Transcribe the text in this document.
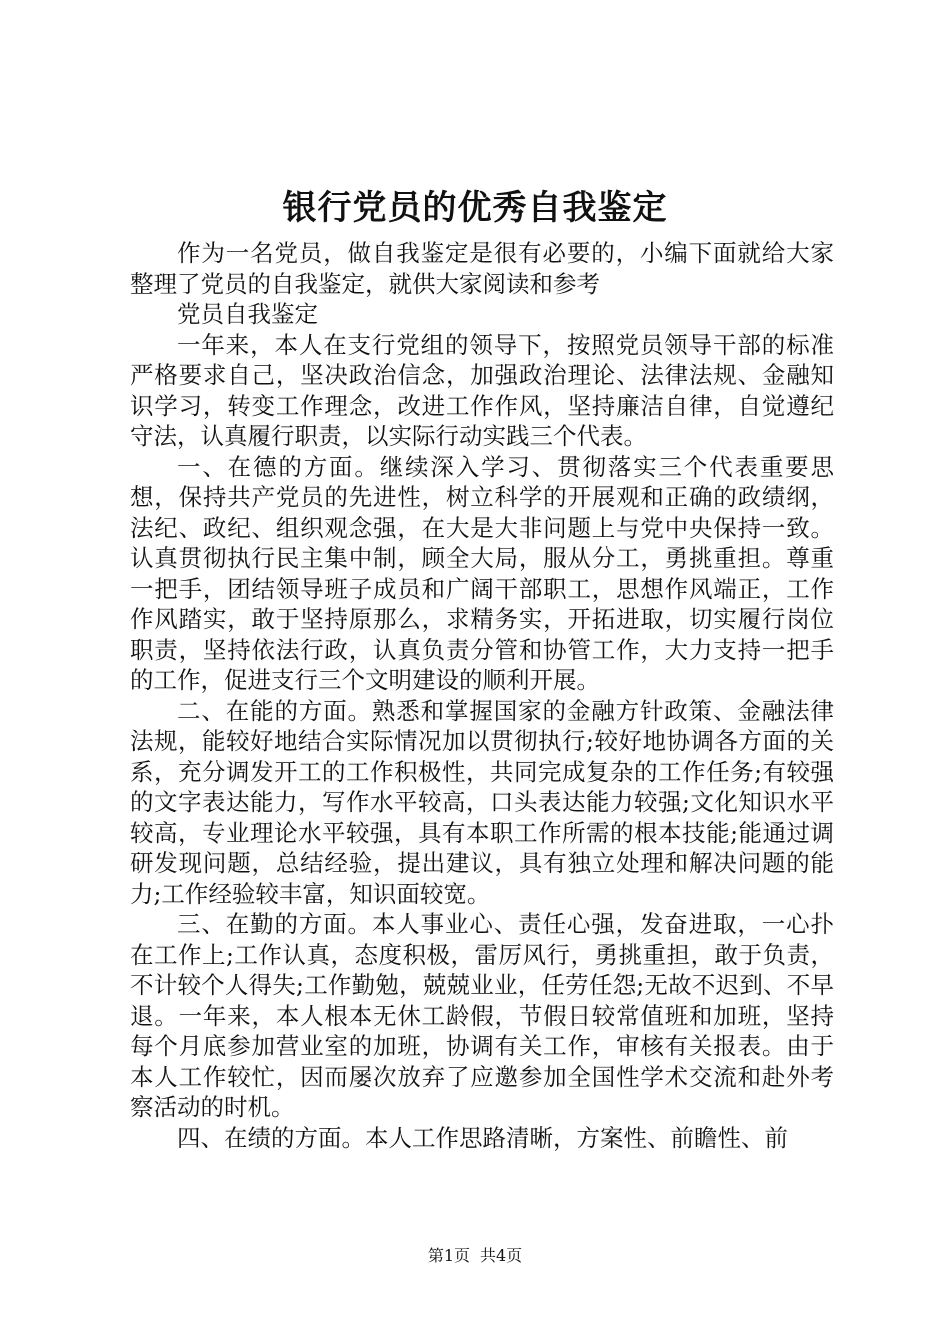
银行党员的优秀自我鉴定

作为一名党员，做自我鉴定是很有必要的，小编下面就给大家整理了党员的自我鉴定，就供大家阅读和参考

党员自我鉴定

一年来，本人在支行党组的领导下，按照党员领导干部的标准严格要求自己，坚决政治信念，加强政治理论、法律法规、金融知识学习，转变工作理念，改进工作作风，坚持廉洁自律，自觉遵纪守法，认真履行职责，以实际行动实践三个代表。

一、在德的方面。继续深入学习、贯彻落实三个代表重要思想，保持共产党员的先进性，树立科学的开展观和正确的政绩纲，法纪、政纪、组织观念强，在大是大非问题上与党中央保持一致。认真贯彻执行民主集中制，顾全大局，服从分工，勇挑重担。尊重一把手，团结领导班子成员和广阔干部职工，思想作风端正，工作作风踏实，敢于坚持原那么，求精务实，开拓进取，切实履行岗位职责，坚持依法行政，认真负责分管和协管工作，大力支持一把手的工作，促进支行三个文明建设的顺利开展。

二、在能的方面。熟悉和掌握国家的金融方针政策、金融法律法规，能较好地结合实际情况加以贯彻执行;较好地协调各方面的关系，充分调发开工的工作积极性，共同完成复杂的工作任务;有较强的文字表达能力，写作水平较高，口头表达能力较强;文化知识水平较高，专业理论水平较强，具有本职工作所需的根本技能;能通过调研发现问题，总结经验，提出建议，具有独立处理和解决问题的能力;工作经验较丰富，知识面较宽。

三、在勤的方面。本人事业心、责任心强，发奋进取，一心扑在工作上;工作认真，态度积极，雷厉风行，勇挑重担，敢于负责，不计较个人得失;工作勤勉，兢兢业业，任劳任怨;无故不迟到、不早退。一年来，本人根本无休工龄假，节假日较常值班和加班，坚持每个月底参加营业室的加班，协调有关工作，审核有关报表。由于本人工作较忙，因而屡次放弃了应邀参加全国性学术交流和赴外考察活动的时机。

四、在绩的方面。本人工作思路清晰，方案性、前瞻性、前

第1页 共4页
